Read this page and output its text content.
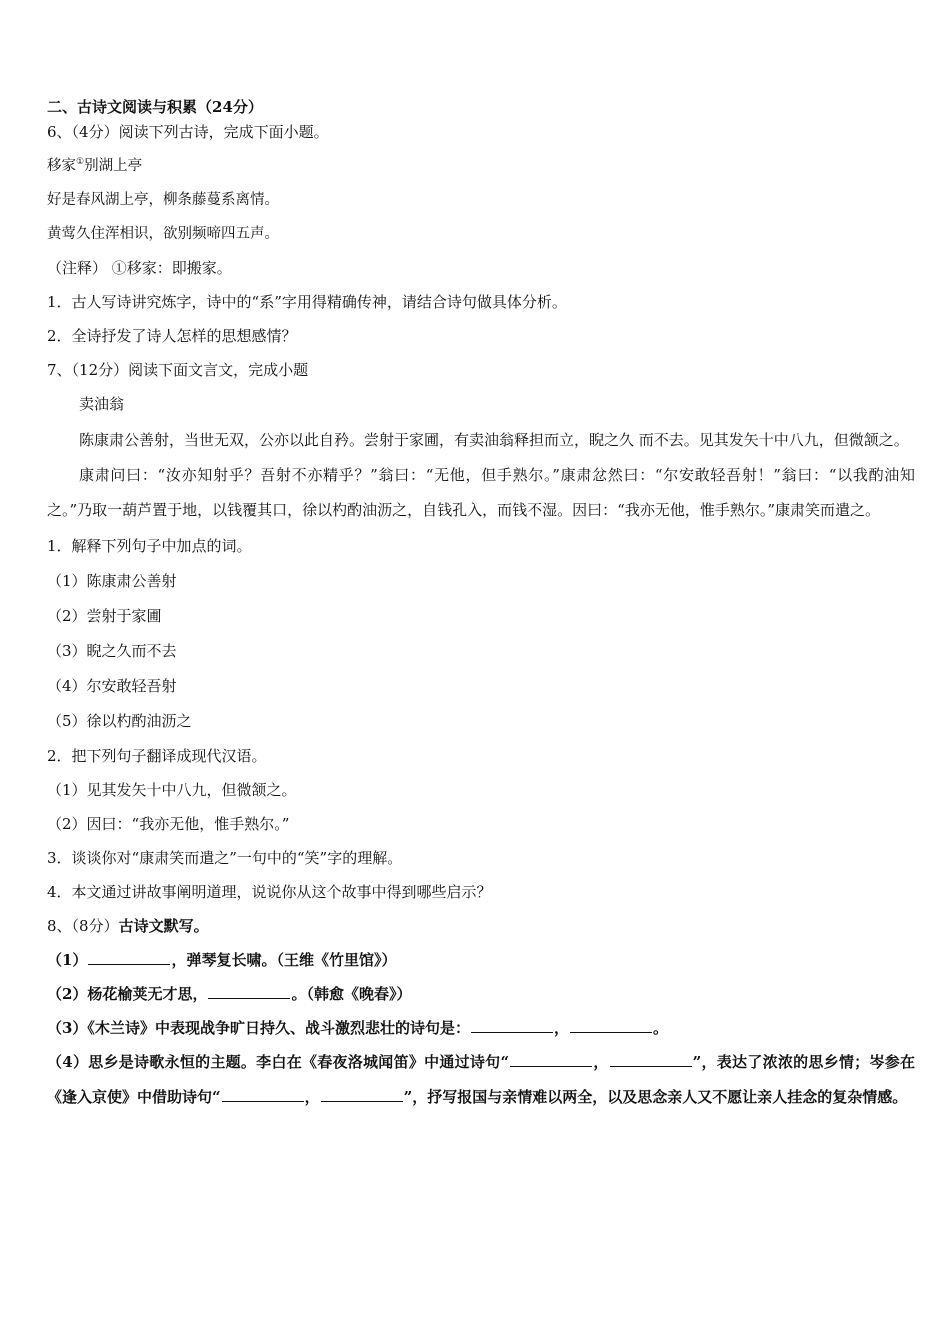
二、古诗文阅读与积累（24分）
6、（4分）阅读下列古诗，完成下面小题。
移家①别湖上亭
好是春风湖上亭，柳条藤蔓系离情。
黄莺久住浑相识，欲别频啼四五声。
（注释） ①移家：即搬家。
1．古人写诗讲究炼字，诗中的“系”字用得精确传神，请结合诗句做具体分析。
2．全诗抒发了诗人怎样的思想感情？
7、（12分）阅读下面文言文，完成小题
卖油翁
陈康肃公善射，当世无双，公亦以此自矜。尝射于家圃，有卖油翁释担而立，睨之久 而不去。见其发矢十中八九，但微颔之。
康肃问曰：“汝亦知射乎？吾射不亦精乎？”翁曰：“无他，但手熟尔。”康肃忿然曰：“尔安敢轻吾射！”翁曰：“以我酌油知之。”乃取一葫芦置于地，以钱覆其口，徐以杓酌油沥之，自钱孔入，而钱不湿。因曰：“我亦无他，惟手熟尔。”康肃笑而遣之。
1．解释下列句子中加点的词。
（1）陈康肃公善射
（2）尝射于家圃
（3）睨之久而不去
（4）尔安敢轻吾射
（5）徐以杓酌油沥之
2．把下列句子翻译成现代汉语。
（1）见其发矢十中八九，但微颔之。
（2）因曰：“我亦无他，惟手熟尔。”
3．谈谈你对“康肃笑而遣之”一句中的“笑”字的理解。
4．本文通过讲故事阐明道理，说说你从这个故事中得到哪些启示？
8、（8分）古诗文默写。
（1）	，弹琴复长啸。（王维《竹里馆》）
（2）杨花榆荚无才思，	。（韩愈《晚春》）
（3）《木兰诗》中表现战争旷日持久、战斗激烈悲壮的诗句是：	，	。
（4）思乡是诗歌永恒的主题。李白在《春夜洛城闻笛》中通过诗句“	，	”，表达了浓浓的思乡情；岑参在《逢入京使》中借助诗句“	，	”，抒写报国与亲情难以两全，以及思念亲人又不愿让亲人挂念的复杂情感。
